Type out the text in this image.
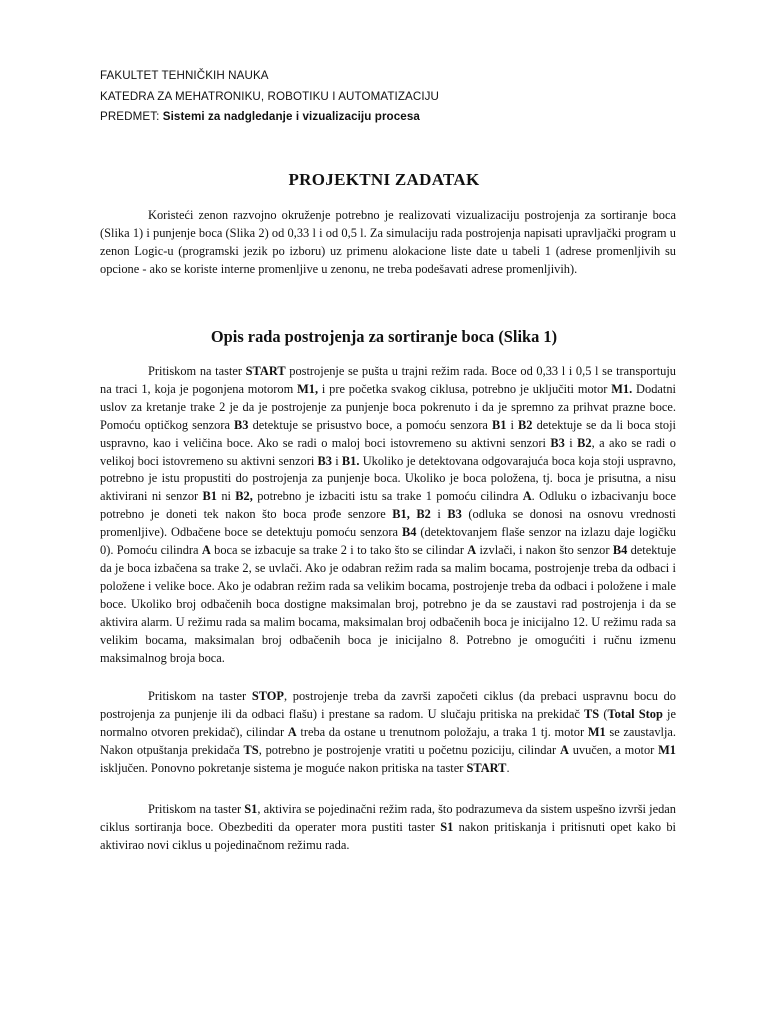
FAKULTET TEHNIČKIH NAUKA
KATEDRA ZA MEHATRONIKU, ROBOTIKU I AUTOMATIZACIJU
PREDMET: Sistemi za nadgledanje i vizualizaciju procesa
PROJEKTNI ZADATAK

Koristeći zenon razvojno okruženje potrebno je realizovati vizualizaciju postrojenja za sortiranje boca (Slika 1) i punjenje boca (Slika 2) od 0,33 l i od 0,5 l. Za simulaciju rada postrojenja napisati upravljački program u zenon Logic-u (programski jezik po izboru) uz primenu alokacione liste date u tabeli 1 (adrese promenljivih su opcione - ako se koriste interne promenljive u zenonu, ne treba podešavati adrese promenljivih).

Opis rada postrojenja za sortiranje boca (Slika 1)

Pritiskom na taster START postrojenje se pušta u trajni režim rada. Boce od 0,33 l i 0,5 l se transportuju na traci 1, koja je pogonjena motorom M1, i pre početka svakog ciklusa, potrebno je uključiti motor M1. Dodatni uslov za kretanje trake 2 je da je postrojenje za punjenje boca pokrenuto i da je spremno za prihvat prazne boce. Pomoću optičkog senzora B3 detektuje se prisustvo boce, a pomoću senzora B1 i B2 detektuje se da li boca stoji uspravno, kao i veličina boce. Ako se radi o maloj boci istovremeno su aktivni senzori B3 i B2, a ako se radi o velikoj boci istovremeno su aktivni senzori B3 i B1. Ukoliko je detektovana odgovarajuća boca koja stoji uspravno, potrebno je istu propustiti do postrojenja za punjenje boca. Ukoliko je boca položena, tj. boca je prisutna, a nisu aktivirani ni senzor B1 ni B2, potrebno je izbaciti istu sa trake 1 pomoću cilindra A. Odluku o izbacivanju boce potrebno je doneti tek nakon što boca prođe senzore B1, B2 i B3 (odluka se donosi na osnovu vrednosti promenljive). Odbačene boce se detektuju pomoću senzora B4 (detektovanjem flaše senzor na izlazu daje logičku 0). Pomoću cilindra A boca se izbacuje sa trake 2 i to tako što se cilindar A izvlači, i nakon što senzor B4 detektuje da je boca izbačena sa trake 2, se uvlači. Ako je odabran režim rada sa malim bocama, postrojenje treba da odbaci i položene i velike boce. Ako je odabran režim rada sa velikim bocama, postrojenje treba da odbaci i položene i male boce. Ukoliko broj odbačenih boca dostigne maksimalan broj, potrebno je da se zaustavi rad postrojenja i da se aktivira alarm. U režimu rada sa malim bocama, maksimalan broj odbačenih boca je inicijalno 12. U režimu rada sa velikim bocama, maksimalan broj odbačenih boca je inicijalno 8. Potrebno je omogućiti i ručnu izmenu maksimalnog broja boca.

Pritiskom na taster STOP, postrojenje treba da završi započeti ciklus (da prebaci uspravnu bocu do postrojenja za punjenje ili da odbaci flašu) i prestane sa radom. U slučaju pritiska na prekidač TS (Total Stop je normalno otvoren prekidač), cilindar A treba da ostane u trenutnom položaju, a traka 1 tj. motor M1 se zaustavlja. Nakon otpuštanja prekidača TS, potrebno je postrojenje vratiti u početnu poziciju, cilindar A uvučen, a motor M1 isključen. Ponovno pokretanje sistema je moguće nakon pritiska na taster START.

Pritiskom na taster S1, aktivira se pojedinačni režim rada, što podrazumeva da sistem uspešno izvrši jedan ciklus sortiranja boce. Obezbediti da operater mora pustiti taster S1 nakon pritiskanja i pritisnuti opet kako bi aktivirao novi ciklus u pojedinačnom režimu rada.
